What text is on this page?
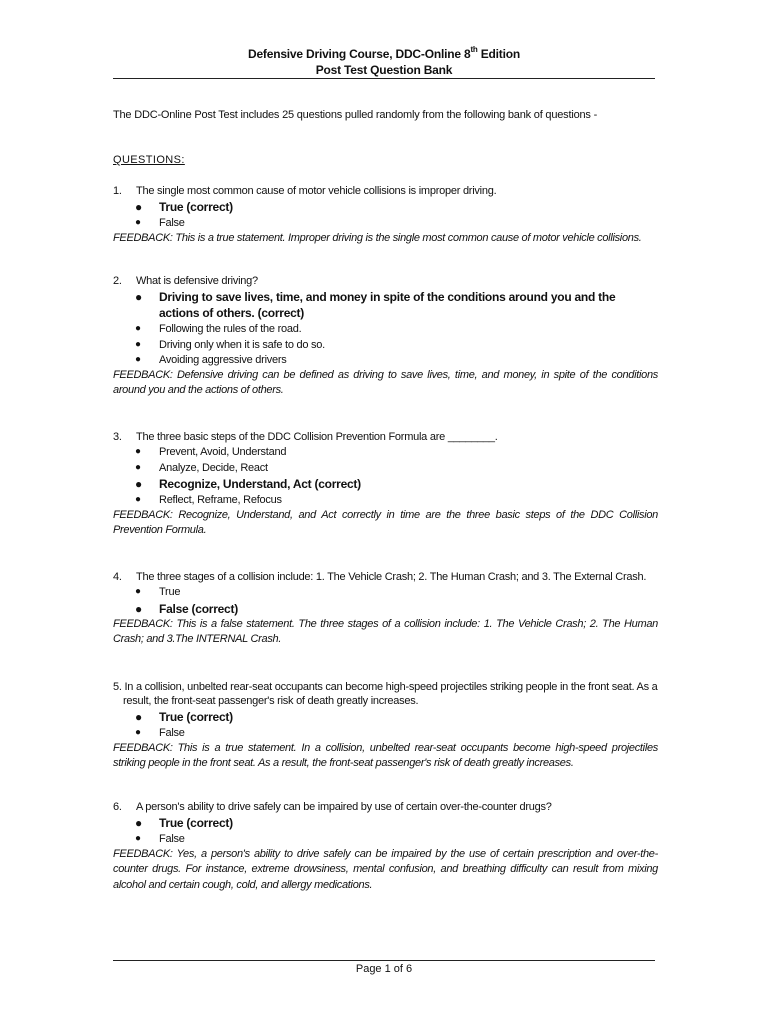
Defensive Driving Course, DDC-Online 8th Edition
Post Test Question Bank
The DDC-Online Post Test includes 25 questions pulled randomly from the following bank of questions -
QUESTIONS:
1.	The single most common cause of motor vehicle collisions is improper driving.
● True (correct)
● False
FEEDBACK: This is a true statement. Improper driving is the single most common cause of motor vehicle collisions.
2.	What is defensive driving?
● Driving to save lives, time, and money in spite of the conditions around you and the actions of others. (correct)
● Following the rules of the road.
● Driving only when it is safe to do so.
● Avoiding aggressive drivers
FEEDBACK: Defensive driving can be defined as driving to save lives, time, and money, in spite of the conditions around you and the actions of others.
3.	The three basic steps of the DDC Collision Prevention Formula are ________.
● Prevent, Avoid, Understand
● Analyze, Decide, React
● Recognize, Understand, Act (correct)
● Reflect, Reframe, Refocus
FEEDBACK: Recognize, Understand, and Act correctly in time are the three basic steps of the DDC Collision Prevention Formula.
4.	The three stages of a collision include: 1. The Vehicle Crash; 2. The Human Crash; and 3. The External Crash.
● True
● False (correct)
FEEDBACK: This is a false statement. The three stages of a collision include: 1. The Vehicle Crash; 2. The Human Crash; and 3.The INTERNAL Crash.
5. In a collision, unbelted rear-seat occupants can become high-speed projectiles striking people in the front seat. As a result, the front-seat passenger's risk of death greatly increases.
● True (correct)
● False
FEEDBACK: This is a true statement. In a collision, unbelted rear-seat occupants become high-speed projectiles striking people in the front seat. As a result, the front-seat passenger's risk of death greatly increases.
6.	A person's ability to drive safely can be impaired by use of certain over-the-counter drugs?
● True (correct)
● False
FEEDBACK: Yes, a person's ability to drive safely can be impaired by the use of certain prescription and over-the-counter drugs. For instance, extreme drowsiness, mental confusion, and breathing difficulty can result from mixing alcohol and certain cough, cold, and allergy medications.
Page 1 of 6
